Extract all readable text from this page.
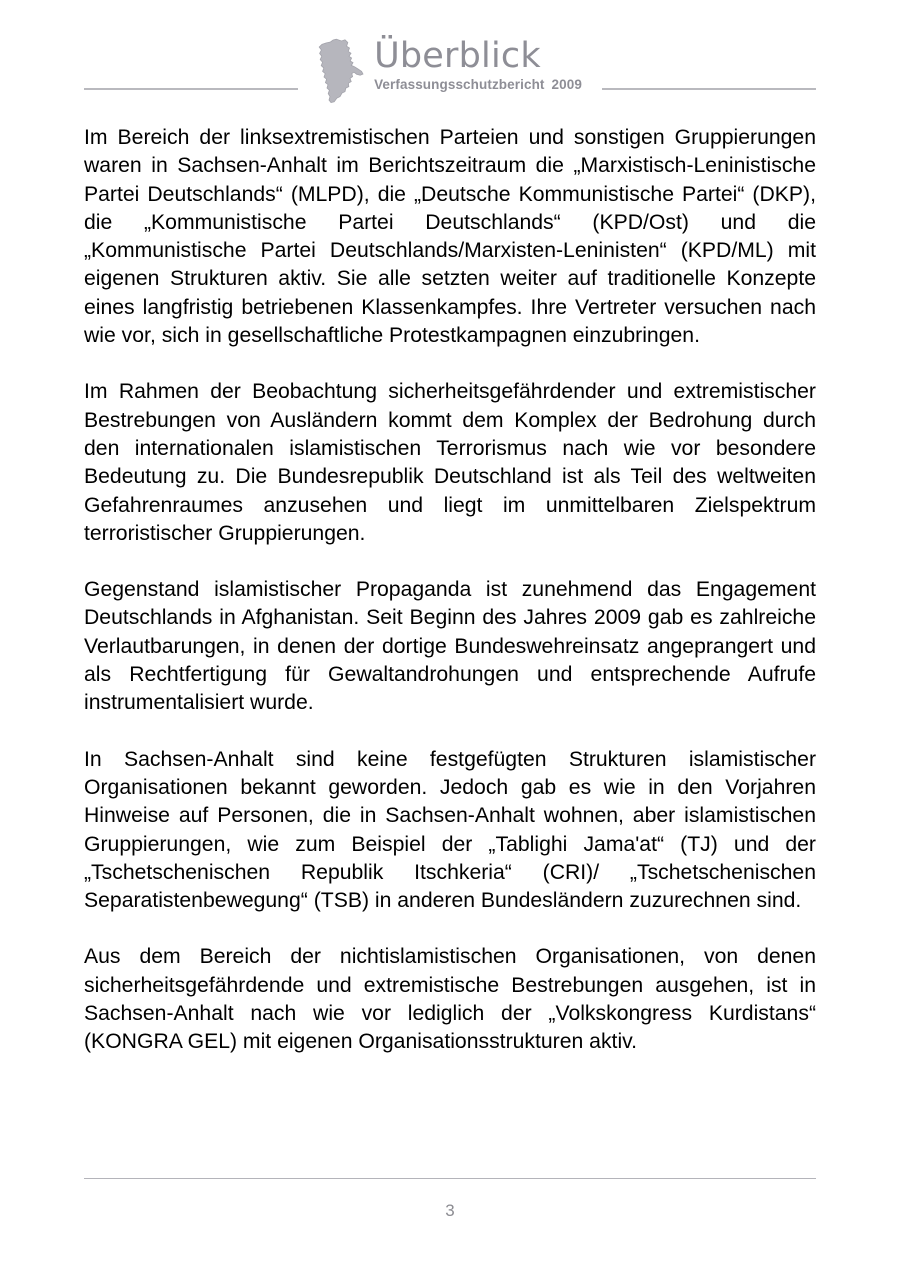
Überblick
Verfassungsschutzbericht 2009

Im Bereich der linksextremistischen Parteien und sonstigen Gruppierungen waren in Sachsen-Anhalt im Berichtszeitraum die „Marxistisch-Leninistische Partei Deutschlands“ (MLPD), die „Deutsche Kommunistische Partei“ (DKP), die „Kommunistische Partei Deutschlands“ (KPD/Ost) und die „Kommunistische Partei Deutschlands/Marxisten-Leninisten“ (KPD/ML) mit eigenen Strukturen aktiv. Sie alle setzten weiter auf traditionelle Konzepte eines langfristig betriebenen Klassenkampfes. Ihre Vertreter versuchen nach wie vor, sich in gesellschaftliche Protestkampagnen einzubringen.

Im Rahmen der Beobachtung sicherheitsgefährdender und extremistischer Bestrebungen von Ausländern kommt dem Komplex der Bedrohung durch den internationalen islamistischen Terrorismus nach wie vor besondere Bedeutung zu. Die Bundesrepublik Deutschland ist als Teil des weltweiten Gefahrenraumes anzusehen und liegt im unmittelbaren Zielspektrum terroristischer Gruppierungen.

Gegenstand islamistischer Propaganda ist zunehmend das Engagement Deutschlands in Afghanistan. Seit Beginn des Jahres 2009 gab es zahlreiche Verlautbarungen, in denen der dortige Bundeswehreinsatz angeprangert und als Rechtfertigung für Gewaltandrohungen und entsprechende Aufrufe instrumentalisiert wurde.

In Sachsen-Anhalt sind keine festgefügten Strukturen islamistischer Organisationen bekannt geworden. Jedoch gab es wie in den Vorjahren Hinweise auf Personen, die in Sachsen-Anhalt wohnen, aber islamistischen Gruppierungen, wie zum Beispiel der „Tablighi Jama'at“ (TJ) und der „Tschetschenischen Republik Itschkeria“ (CRI)/ „Tschetschenischen Separatistenbewegung“ (TSB) in anderen Bundesländern zuzurechnen sind.

Aus dem Bereich der nichtislamistischen Organisationen, von denen sicherheitsgefährdende und extremistische Bestrebungen ausgehen, ist in Sachsen-Anhalt nach wie vor lediglich der „Volkskongress Kurdistans“ (KONGRA GEL) mit eigenen Organisationsstrukturen aktiv.

3
